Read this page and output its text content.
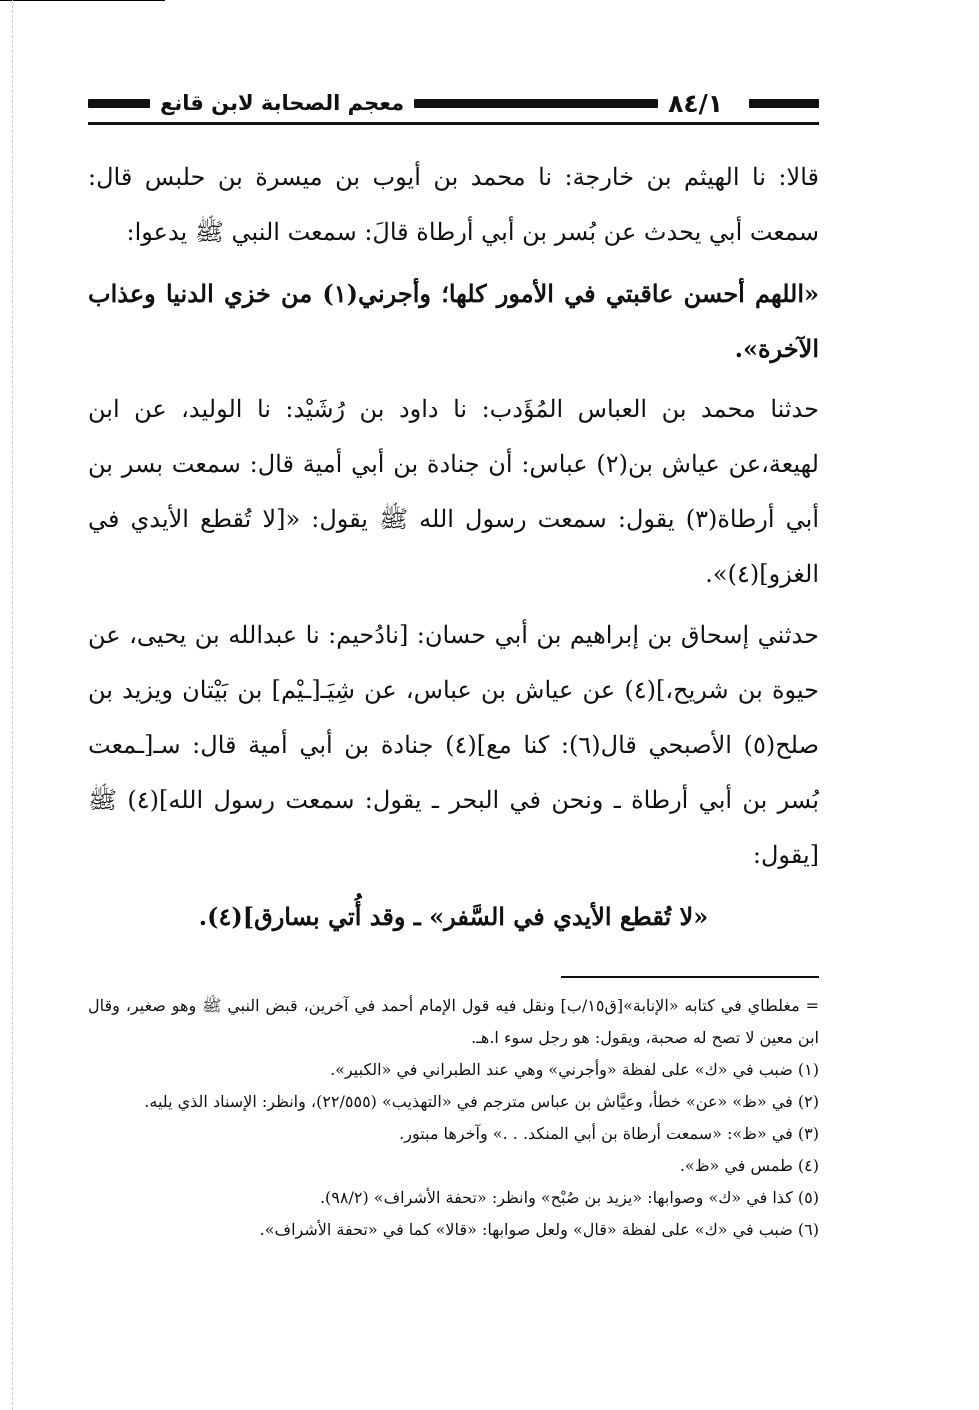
٨٤/١
معجم الصحابة لابن قانع

قالا: نا الهيثم بن خارجة: نا محمد بن أيوب بن ميسرة بن حلبس قال: سمعت أبي يحدث عن بُسر بن أبي أرطاة قالَ: سمعت النبي ﷺ يدعوا:

«اللهم أحسن عاقبتي في الأمور كلها؛ وأجرني(١) من خزي الدنيا وعذاب الآخرة».

حدثنا محمد بن العباس المُؤَدب: نا داود بن رُشَيْد: نا الوليد، عن ابن لهيعة،عن عياش بن(٢) عباس: أن جنادة بن أبي أمية قال: سمعت بسر بن أبي أرطاة(٣) يقول: سمعت رسول الله ﷺ يقول: «[لا تُقطع الأيدي في الغزو](٤)».

حدثني إسحاق بن إبراهيم بن أبي حسان: [نادُحيم: نا عبدالله بن يحيى، عن حيوة بن شريح،](٤) عن عياش بن عباس، عن شِيَـ[ـيْم] بن بَيْتان ويزيد بن صلح(٥) الأصبحي قال(٦): كنا مع](٤) جنادة بن أبي أمية قال: سـ[ـمعت بُسر بن أبي أرطاة ـ ونحن في البحر ـ يقول: سمعت رسول الله](٤) ﷺ [يقول:

«لا تُقطع الأيدي في السَّفر» ـ وقد أُتي بسارق](٤).

= مغلطاي في كتابه «الإنابة»[ق١٥/ب] ونقل فيه قول الإمام أحمد في آخرين، قبض النبي ﷺ وهو صغير، وقال ابن معين لا تصح له صحبة، ويقول: هو رجل سوء ا.هـ.

(١) ضبب في «ك» على لفظة «وأجرني» وهي عند الطبراني في «الكبير».

(٢) في «ظ» «عن» خطأ، وعيَّاش بن عباس مترجم في «التهذيب» (٢٢/٥٥٥)، وانظر: الإسناد الذي يليه.

(٣) في «ظ»: «سمعت أرطاة بن أبي المنكد. . .» وآخرها مبتور.

(٤) طمس في «ظ».

(٥) كذا في «ك» وصوابها: «يزيد بن صُبْح» وانظر: «تحفة الأشراف» (٩٨/٢).

(٦) ضبب في «ك» على لفظة «قال» ولعل صوابها: «قالا» كما في «تحفة الأشراف».
